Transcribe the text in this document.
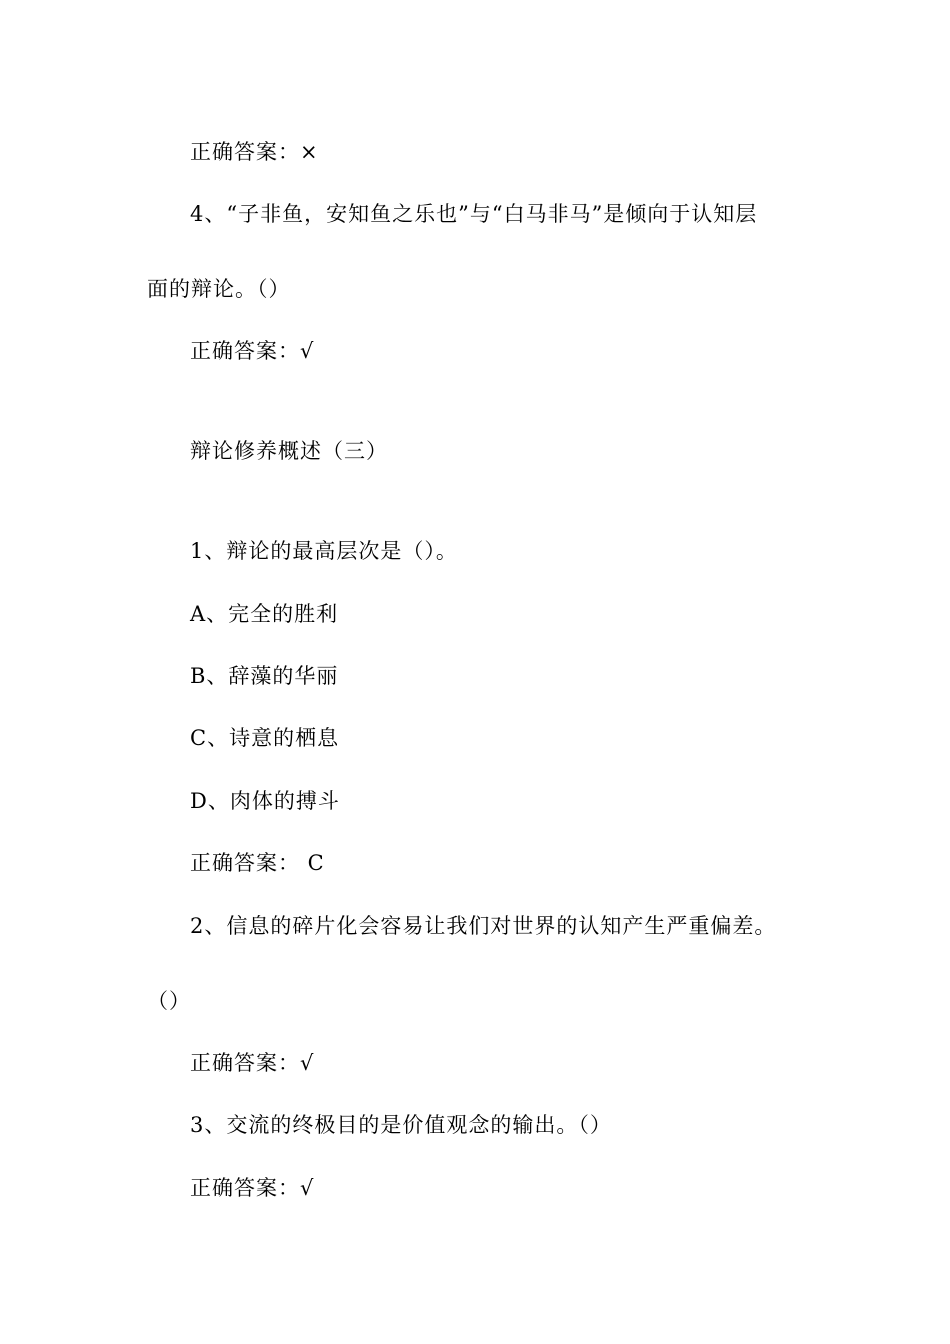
正确答案：×
4、“子非鱼，安知鱼之乐也”与“白马非马”是倾向于认知层
面的辩论。（）
正确答案：√
辩论修养概述（三）
1、辩论的最高层次是（）。
A、完全的胜利
B、辞藻的华丽
C、诗意的栖息
D、肉体的搏斗
正确答案： C
2、信息的碎片化会容易让我们对世界的认知产生严重偏差。
（）
正确答案：√
3、交流的终极目的是价值观念的输出。（）
正确答案：√
